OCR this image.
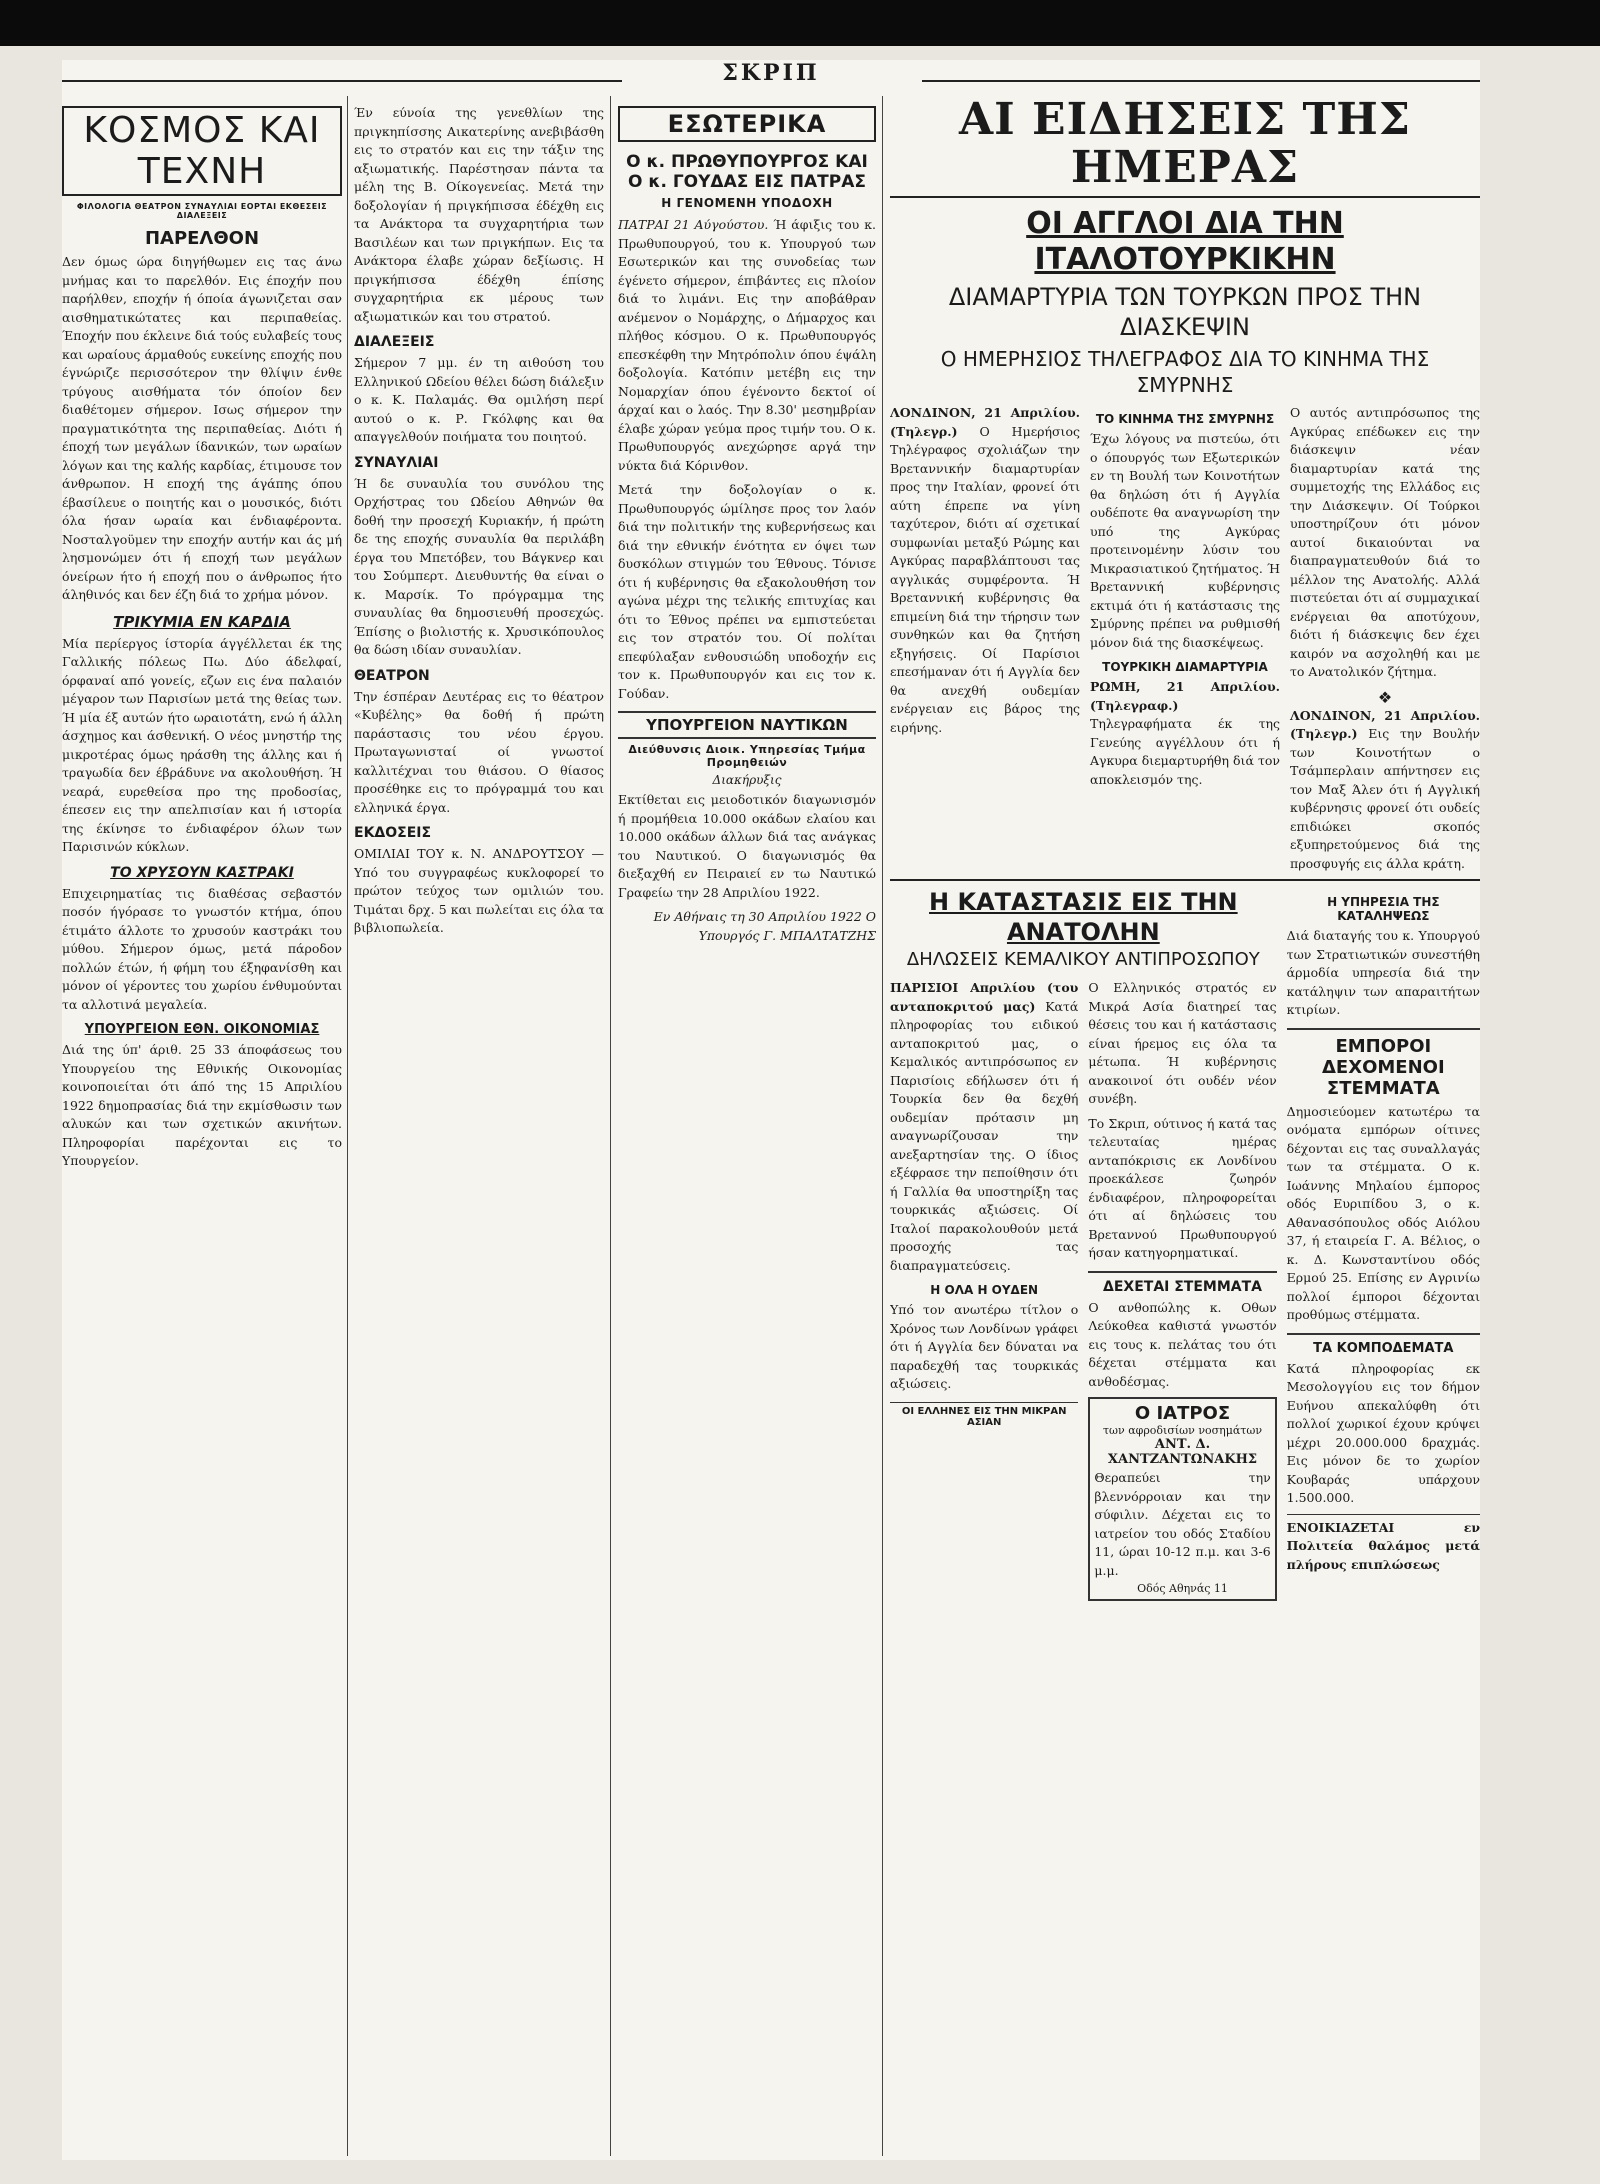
ΣΚΡΙΠ
ΚΟΣΜΟΣ ΚΑΙ ΤΕΧΝΗ
ΦΙΛΟΛΟΓΙΑ ΘΕΑΤΡΟΝ ΣΥΝΑΥΛΙΑΙ ΕΟΡΤΑΙ ΕΚΘΕΣΕΙΣ ΔΙΑΛΕΞΕΙΣ
ΠΑΡΕΛΘΟΝ

Δεν όμως ώρα διηγήθωμεν εις τας άνω μνήμας και το παρελθόν. Εις έποχήν που παρήλθεν, εποχήν ή όποία άγωνιζεται σαν αισθηματικώτατες και περιπαθείας. Έποχήν που έκλεινε διά τούς ευλαβείς τους και ωραίους άρμαθούς ευκείνης εποχής που έγνώριζε περισσότερον την θλίψιν ένθε τρύγους αισθήματα τόν όποίον δεν διαθέτομεν σήμερον. Ισως σήμερον την πραγματικότητα της περιπαθείας. Διότι ή έποχή των μεγάλων ίδανικών, των ωραίων λόγων και της καλής καρδίας, έτιμουσε τον άνθρωπον. Η εποχή της άγάπης όπου έβασίλευε ο ποιητής και ο μουσικός, διότι όλα ήσαν ωραία και ένδιαφέροντα. Νοσταλγοϋμεν την εποχήν αυτήν και άς μή λησμονώμεν ότι ή εποχή των μεγάλων όνείρων ήτο ή εποχή που ο άνθρωπος ήτο άληθινός και δεν έζη διά το χρήμα μόνον.

ΤΡΙΚΥΜΙΑ ΕΝ ΚΑΡΔΙΑ

Μία περίεργος ίστορία άγγέλλεται έκ της Γαλλικής πόλεως Πω. Δύο άδελφαί, όρφαναί από γονείς, εζων εις ένα παλαιόν μέγαρον των Παρισίων μετά της θείας των. Ή μία έξ αυτών ήτο ωραιοτάτη, ενώ ή άλλη άσχημος και άσθενική. Ο νέος μνηστήρ της μικροτέρας όμως ηράσθη της άλλης και ή τραγωδία δεν έβράδυνε να ακολουθήση. Ή νεαρά, ευρεθείσα προ της προδοσίας, έπεσεν εις την απελπισίαν και ή ιστορία της έκίνησε το ένδιαφέρον όλων των Παρισινών κύκλων.

ΤΟ ΧΡΥΣΟΥΝ ΚΑΣΤΡΑΚΙ

Επιχειρηματίας τις διαθέσας σεβαστόν ποσόν ήγόρασε το γνωστόν κτήμα, όπου έτιμάτο άλλοτε το χρυσούν καστράκι του μύθου. Σήμερον όμως, μετά πάροδον πολλών έτών, ή φήμη του έξηφανίσθη και μόνον οί γέροντες του χωρίου ένθυμούνται τα αλλοτινά μεγαλεία.

ΥΠΟΥΡΓΕΙΟΝ ΕΘΝ. ΟΙΚΟΝΟΜΙΑΣ

Διά της ύπ' άριθ. 25 33 άποφάσεως του Υπουργείου της Εθνικής Οικονομίας κοινοποιείται ότι άπό της 15 Απριλίου 1922 δημοπρασίας διά την εκμίσθωσιν των αλυκών και των σχετικών ακινήτων. Πληροφορίαι παρέχονται εις το Υπουργείον.

Έν εύνοία της γενεθλίων της πριγκηπίσσης Αικατερίνης ανεβιβάσθη εις το στρατόν και εις την τάξιν της αξιωματικής. Παρέστησαν πάντα τα μέλη της Β. Οίκογενείας. Μετά την δοξολογίαν ή πριγκήπισσα έδέχθη εις τα Ανάκτορα τα συγχαρητήρια των Βασιλέων και των πριγκήπων. Εις τα Ανάκτορα έλαβε χώραν δεξίωσις. Η πριγκήπισσα έδέχθη έπίσης συγχαρητήρια εκ μέρους των αξιωματικών και του στρατού.

ΔΙΑΛΕΞΕΙΣ

Σήμερον 7 μμ. έν τη αιθούση του Ελληνικού Ωδείου θέλει δώση διάλεξιν ο κ. Κ. Παλαμάς. Θα ομιλήση περί αυτού ο κ. Ρ. Γκόλφης και θα απαγγελθούν ποιήματα του ποιητού.

ΣΥΝΑΥΛΙΑΙ

Ή δε συναυλία του συνόλου της Ορχήστρας του Ωδείου Αθηνών θα δοθή την προσεχή Κυριακήν, ή πρώτη δε της εποχής συναυλία θα περιλάβη έργα του Μπετόβεν, του Βάγκνερ και του Σούμπερτ. Διευθυντής θα είναι ο κ. Μαρσίκ. Το πρόγραμμα της συναυλίας θα δημοσιευθή προσεχώς. Έπίσης ο βιολιστής κ. Χρυσικόπουλος θα δώση ιδίαν συναυλίαν.

ΘΕΑΤΡΟΝ

Την έσπέραν Δευτέρας εις το θέατρον «Κυβέλης» θα δοθή ή πρώτη παράστασις του νέου έργου. Πρωταγωνισταί οί γνωστοί καλλιτέχναι του θιάσου. Ο θίασος προσέθηκε εις το πρόγραμμά του και ελληνικά έργα.

ΕΚΔΟΣΕΙΣ

ΟΜΙΛΙΑΙ ΤΟΥ κ. Ν. ΑΝΔΡΟΥΤΣΟΥ — Υπό του συγγραφέως κυκλοφορεί το πρώτον τεύχος των ομιλιών του. Τιμάται δρχ. 5 και πωλείται εις όλα τα βιβλιοπωλεία.

ΕΣΩΤΕΡΙΚΑ
Ο κ. ΠΡΩΘΥΠΟΥΡΓΟΣ ΚΑΙ Ο κ. ΓΟΥΔΑΣ ΕΙΣ ΠΑΤΡΑΣ
Η ΓΕΝΟΜΕΝΗ ΥΠΟΔΟΧΗ

ΠΑΤΡΑΙ 21 Αύγούστου. Ή άφιξις του κ. Πρωθυπουργού, του κ. Υπουργού των Εσωτερικών και της συνοδείας των έγένετο σήμερον, έπιβάντες εις πλοίον διά το λιμάνι. Εις την αποβάθραν ανέμενον ο Νομάρχης, ο Δήμαρχος και πλήθος κόσμου. Ο κ. Πρωθυπουργός επεσκέφθη την Μητρόπολιν όπου έψάλη δοξολογία. Κατόπιν μετέβη εις την Νομαρχίαν όπου έγένοντο δεκτοί οί άρχαί και ο λαός. Την 8.30' μεσημβρίαν έλαβε χώραν γεύμα προς τιμήν του. Ο κ. Πρωθυπουργός ανεχώρησε αργά την νύκτα διά Κόρινθον.

Μετά την δοξολογίαν ο κ. Πρωθυπουργός ώμίλησε προς τον λαόν διά την πολιτικήν της κυβερνήσεως και διά την εθνικήν ένότητα εν όψει των δυσκόλων στιγμών του Έθνους. Τόνισε ότι ή κυβέρνησις θα εξακολουθήση τον αγώνα μέχρι της τελικής επιτυχίας και ότι το Έθνος πρέπει να εμπιστεύεται εις τον στρατόν του. Οί πολίται επεφύλαξαν ενθουσιώδη υποδοχήν εις τον κ. Πρωθυπουργόν και εις τον κ. Γούδαν.

ΥΠΟΥΡΓΕΙΟΝ ΝΑΥΤΙΚΩΝ
Διεύθυνσις Διοικ. Υπηρεσίας Τμήμα Προμηθειών
Διακήρυξις

Εκτίθεται εις μειοδοτικόν διαγωνισμόν ή προμήθεια 10.000 οκάδων ελαίου και 10.000 οκάδων άλλων διά τας ανάγκας του Ναυτικού. Ο διαγωνισμός θα διεξαχθή εν Πειραιεί εν τω Ναυτικώ Γραφείω την 28 Απριλίου 1922.

Εν Αθήναις τη 30 Απριλίου 1922 Ο Υπουργός Γ. ΜΠΑΛΤΑΤΖΗΣ

ΑΙ ΕΙΔΗΣΕΙΣ ΤΗΣ ΗΜΕΡΑΣ
ΟΙ ΑΓΓΛΟΙ ΔΙΑ ΤΗΝ ΙΤΑΛΟΤΟΥΡΚΙΚΗΝ
ΔΙΑΜΑΡΤΥΡΙΑ ΤΩΝ ΤΟΥΡΚΩΝ ΠΡΟΣ ΤΗΝ ΔΙΑΣΚΕΨΙΝ
Ο ΗΜΕΡΗΣΙΟΣ ΤΗΛΕΓΡΑΦΟΣ ΔΙΑ ΤΟ ΚΙΝΗΜΑ ΤΗΣ ΣΜΥΡΝΗΣ

ΛΟΝΔΙΝΟΝ, 21 Απριλίου. (Τηλεγρ.) Ο Ημερήσιος Τηλέγραφος σχολιάζων την Βρεταννικήν διαμαρτυρίαν προς την Ιταλίαν, φρονεί ότι αύτη έπρεπε να γίνη ταχύτερον, διότι αί σχετικαί συμφωνίαι μεταξύ Ρώμης και Αγκύρας παραβλάπτουσι τας αγγλικάς συμφέροντα. Ή Βρεταννική κυβέρνησις θα επιμείνη διά την τήρησιν των συνθηκών και θα ζητήση εξηγήσεις. Οί Παρίσιοι επεσήμαναν ότι ή Αγγλία δεν θα ανεχθή ουδεμίαν ενέργειαν εις βάρος της ειρήνης.

ΤΟ ΚΙΝΗΜΑ ΤΗΣ ΣΜΥΡΝΗΣ

Έχω λόγους να πιστεύω, ότι ο όπουργός των Εξωτερικών εν τη Βουλή των Κοινοτήτων θα δηλώση ότι ή Αγγλία ουδέποτε θα αναγνωρίση την υπό της Αγκύρας προτεινομένην λύσιν του Μικρασιατικού ζητήματος. Ή Βρεταννική κυβέρνησις εκτιμά ότι ή κατάστασις της Σμύρνης πρέπει να ρυθμισθή μόνον διά της διασκέψεως.

ΤΟΥΡΚΙΚΗ ΔΙΑΜΑΡΤΥΡΙΑ

ΡΩΜΗ, 21 Απριλίου. (Τηλεγραφ.) Τηλεγραφήματα έκ της Γενεύης αγγέλλουν ότι ή Αγκυρα διεμαρτυρήθη διά τον αποκλεισμόν της.

Ο αυτός αντιπρόσωπος της Αγκύρας επέδωκεν εις την διάσκεψιν νέαν διαμαρτυρίαν κατά της συμμετοχής της Ελλάδος εις την Διάσκεψιν. Οί Τούρκοι υποστηρίζουν ότι μόνον αυτοί δικαιούνται να διαπραγματευθούν διά το μέλλον της Ανατολής. Αλλά πιστεύεται ότι αί συμμαχικαί ενέργειαι θα αποτύχουν, διότι ή διάσκεψις δεν έχει καιρόν να ασχοληθή και με το Ανατολικόν ζήτημα.

❖

ΛΟΝΔΙΝΟΝ, 21 Απριλίου. (Τηλεγρ.) Εις την Βουλήν των Κοινοτήτων ο Τσάμπερλαιν απήντησεν εις τον Μαξ Άλεν ότι ή Αγγλική κυβέρνησις φρονεί ότι ουδείς επιδιώκει σκοπός εξυπηρετούμενος διά της προσφυγής εις άλλα κράτη.

Η ΚΑΤΑΣΤΑΣΙΣ ΕΙΣ ΤΗΝ ΑΝΑΤΟΛΗΝ
ΔΗΛΩΣΕΙΣ ΚΕΜΑΛΙΚΟΥ ΑΝΤΙΠΡΟΣΩΠΟΥ

ΠΑΡΙΣΙΟΙ Απριλίου (του ανταποκριτού μας) Κατά πληροφορίας του ειδικού ανταποκριτού μας, ο Κεμαλικός αντιπρόσωπος εν Παρισίοις εδήλωσεν ότι ή Τουρκία δεν θα δεχθή ουδεμίαν πρότασιν μη αναγνωρίζουσαν την ανεξαρτησίαν της. Ο ίδιος εξέφρασε την πεποίθησιν ότι ή Γαλλία θα υποστηρίξη τας τουρκικάς αξιώσεις. Οί Ιταλοί παρακολουθούν μετά προσοχής τας διαπραγματεύσεις.

Η ΟΛΑ Η ΟΥΔΕΝ

Υπό τον ανωτέρω τίτλον ο Χρόνος των Λονδίνων γράφει ότι ή Αγγλία δεν δύναται να παραδεχθή τας τουρκικάς αξιώσεις.

ΟΙ ΕΛΛΗΝΕΣ ΕΙΣ ΤΗΝ ΜΙΚΡΑΝ ΑΣΙΑΝ

Ο Ελληνικός στρατός εν Μικρά Ασία διατηρεί τας θέσεις του και ή κατάστασις είναι ήρεμος εις όλα τα μέτωπα. Ή κυβέρνησις ανακοινοί ότι ουδέν νέον συνέβη.

Το Σκριπ, ούτινος ή κατά τας τελευταίας ημέρας ανταπόκρισις εκ Λονδίνου προεκάλεσε ζωηρόν ένδιαφέρον, πληροφορείται ότι αί δηλώσεις του Βρεταννού Πρωθυπουργού ήσαν κατηγορηματικαί.

ΔΕΧΕΤΑΙ ΣΤΕΜΜΑΤΑ

Ο ανθοπώλης κ. Οθων Λεύκοθεα καθιστά γνωστόν εις τους κ. πελάτας του ότι δέχεται στέμματα και ανθοδέσμας.

Ο ΙΑΤΡΟΣ
των αφροδισίων νοσημάτων
ΑΝΤ. Δ. ΧΑΝΤΖΑΝΤΩΝΑΚΗΣ
Θεραπεύει την βλεννόρροιαν και την σύφιλιν. Δέχεται εις το ιατρείον του οδός Σταδίου 11, ώραι 10-12 π.μ. και 3-6 μ.μ.
Οδός Αθηνάς 11
Η ΥΠΗΡΕΣΙΑ ΤΗΣ ΚΑΤΑΛΗΨΕΩΣ

Διά διαταγής του κ. Υπουργού των Στρατιωτικών συνεστήθη άρμοδία υπηρεσία διά την κατάληψιν των απαραιτήτων κτιρίων.

ΕΜΠΟΡΟΙ ΔΕΧΟΜΕΝΟΙ ΣΤΕΜΜΑΤΑ

Δημοσιεύομεν κατωτέρω τα ονόματα εμπόρων οίτινες δέχονται εις τας συναλλαγάς των τα στέμματα. Ο κ. Ιωάννης Μηλαίου έμπορος οδός Ευριπίδου 3, ο κ. Αθανασόπουλος οδός Αιόλου 37, ή εταιρεία Γ. Α. Βέλιος, ο κ. Δ. Κωνσταντίνου οδός Ερμού 25. Επίσης εν Αγρινίω πολλοί έμποροι δέχονται προθύμως στέμματα.

ΤΑ ΚΟΜΠΟΔΕΜΑΤΑ

Κατά πληροφορίας εκ Μεσολογγίου εις τον δήμον Ευήνου απεκαλύφθη ότι πολλοί χωρικοί έχουν κρύψει μέχρι 20.000.000 δραχμάς. Εις μόνον δε το χωρίον Κουβαράς υπάρχουν 1.500.000.

ΕΝΟΙΚΙΑΖΕΤΑΙ εν Πολιτεία θαλάμος μετά πλήρους επιπλώσεως
